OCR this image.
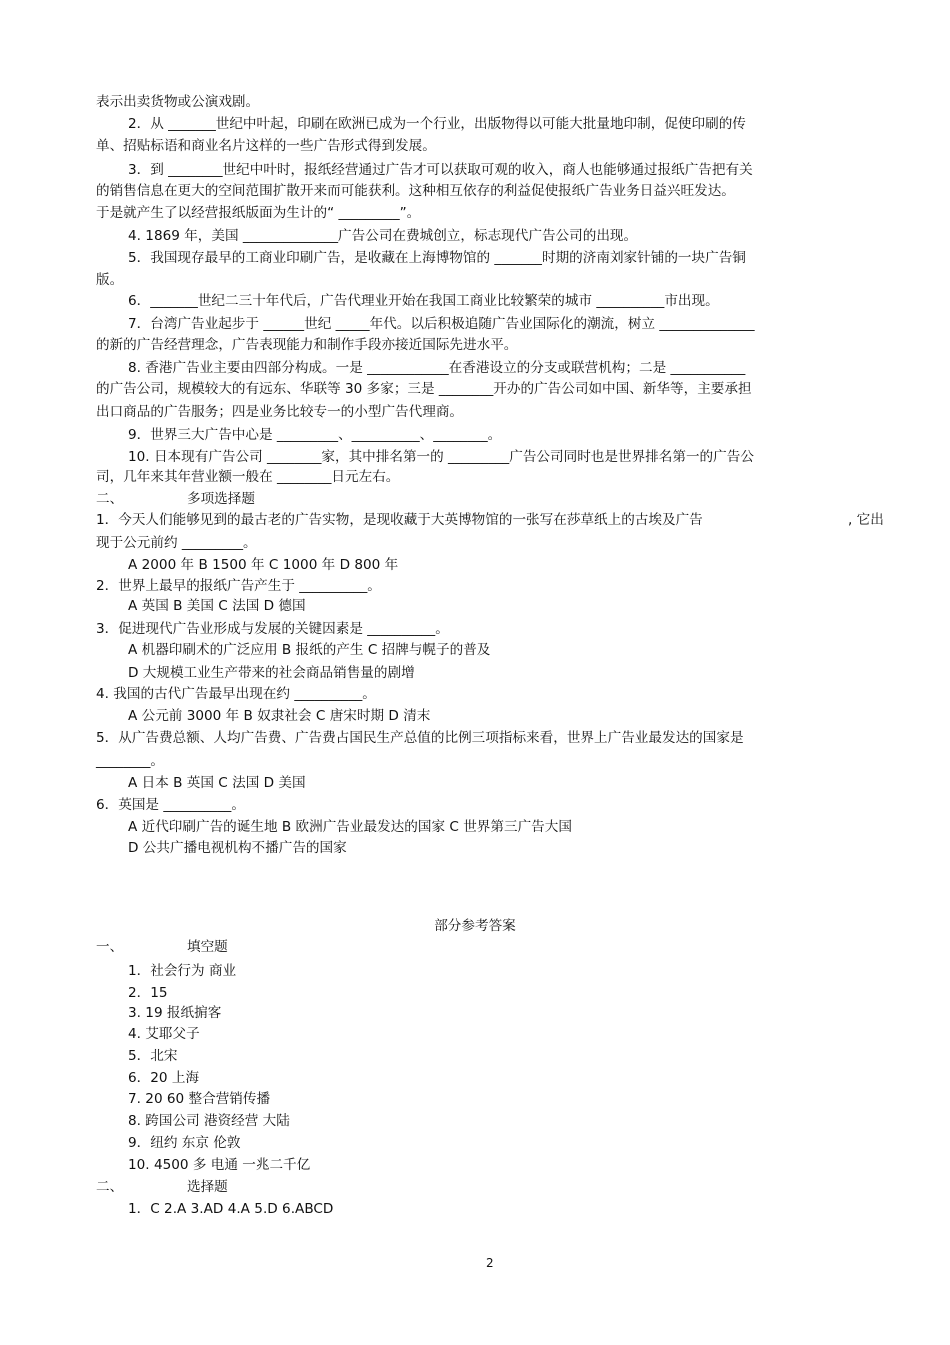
表示出卖货物或公演戏剧。
2．从 _______世纪中叶起，印刷在欧洲已成为一个行业，出版物得以可能大批量地印制，促使印刷的传
单、招贴标语和商业名片这样的一些广告形式得到发展。
3．到 ________世纪中叶时，报纸经营通过广告才可以获取可观的收入，商人也能够通过报纸广告把有关
的销售信息在更大的空间范围扩散开来而可能获利。这种相互依存的利益促使报纸广告业务日益兴旺发达。
于是就产生了以经营报纸版面为生计的“ _________”。
4. 1869 年，美国 ______________广告公司在费城创立，标志现代广告公司的出现。
5．我国现存最早的工商业印刷广告，是收藏在上海博物馆的 _______时期的济南刘家针铺的一块广告铜
版。
6．_______世纪二三十年代后，广告代理业开始在我国工商业比较繁荣的城市 __________市出现。
7．台湾广告业起步于 ______世纪 _____年代。以后积极追随广告业国际化的潮流，树立 ______________
的新的广告经营理念，广告表现能力和制作手段亦接近国际先进水平。
8. 香港广告业主要由四部分构成。一是 ____________在香港设立的分支或联营机构；二是 ___________
的广告公司，规模较大的有远东、华联等 30 多家；三是 ________开办的广告公司如中国、新华等，主要承担
出口商品的广告服务；四是业务比较专一的小型广告代理商。
9．世界三大广告中心是 _________、__________、________。
10. 日本现有广告公司 ________家，其中排名第一的 _________广告公司同时也是世界排名第一的广告公
司，几年来其年营业额一般在 ________日元左右。
二、	多项选择题
1．今天人们能够见到的最古老的广告实物，是现收藏于大英博物馆的一张写在莎草纸上的古埃及广告	, 它出
现于公元前约 _________。
A 2000 年 B 1500 年 C 1000 年 D 800 年
2．世界上最早的报纸广告产生于 __________。
A 英国 B 美国 C 法国 D 德国
3．促进现代广告业形成与发展的关键因素是 __________。
A 机器印刷术的广泛应用 B 报纸的产生 C 招牌与幌子的普及
D 大规模工业生产带来的社会商品销售量的剧增
4. 我国的古代广告最早出现在约 __________。
A 公元前 3000 年 B 奴隶社会 C 唐宋时期 D 清末
5．从广告费总额、人均广告费、广告费占国民生产总值的比例三项指标来看，世界上广告业最发达的国家是
________。
A 日本 B 英国 C 法国 D 美国
6．英国是 __________。
A 近代印刷广告的诞生地 B 欧洲广告业最发达的国家 C 世界第三广告大国
D 公共广播电视机构不播广告的国家
部分参考答案
一、	填空题
1．社会行为 商业
2．15
3. 19 报纸掮客
4. 艾耶父子
5．北宋
6．20 上海
7. 20 60 整合营销传播
8. 跨国公司 港资经营 大陆
9．纽约 东京 伦敦
10. 4500 多 电通 一兆二千亿
二、	选择题
1．C 2.A 3.AD 4.A 5.D 6.ABCD
2
